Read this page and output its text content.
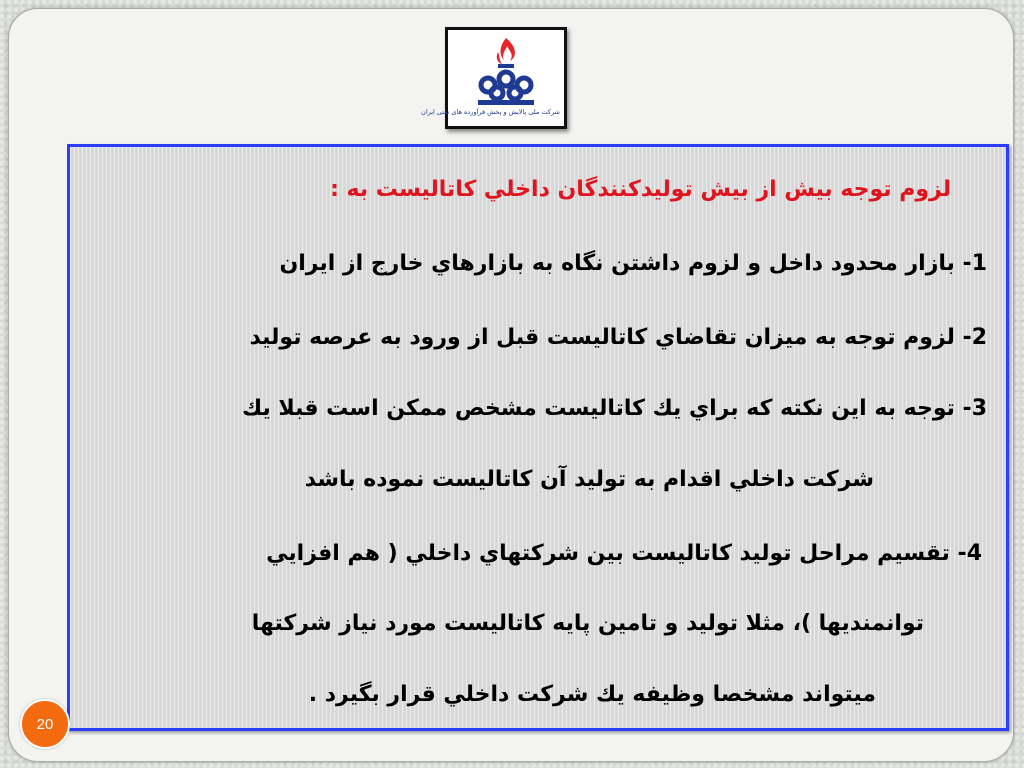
شرکت ملی پالایش و پخش فرآورده های نفتی ایران
لزوم توجه بيش از بيش توليدكنندگان داخلي كاتاليست به :
1- بازار محدود داخل و لزوم داشتن نگاه به بازارهاي خارج از ايران
2- لزوم توجه به ميزان تقاضاي كاتاليست قبل از ورود به عرصه توليد
3- توجه به اين نكته كه براي يك كاتاليست مشخص ممكن است قبلا يك
شركت داخلي اقدام به توليد آن كاتاليست نموده باشد
4- تقسيم مراحل توليد كاتاليست بين شركتهاي داخلي ( هم افزايي
توانمنديها )، مثلا توليد و تامين پايه كاتاليست مورد نياز شركتها
ميتواند مشخصا وظيفه يك شركت داخلي قرار بگيرد .
20
